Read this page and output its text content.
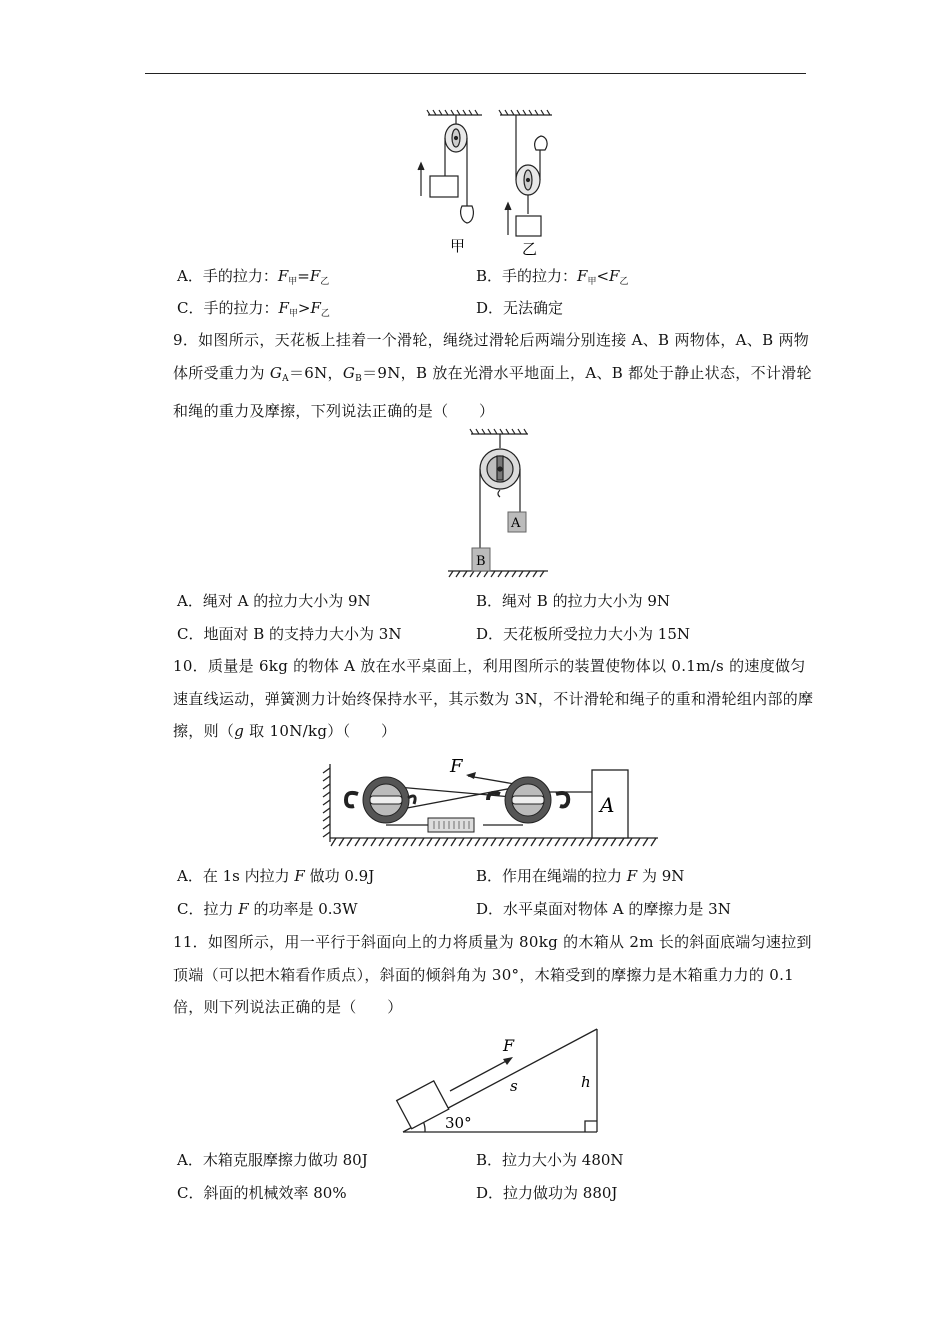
甲	乙
A．手的拉力：$F_甲=F_乙$	B．手的拉力：$F_甲<F_乙$
C．手的拉力：$F_甲>F_乙$	D．无法确定
9．如图所示，天花板上挂着一个滑轮，绳绕过滑轮后两端分别连接 A、B 两物体，A、B 两物体所受重力为 $G_A=6N$，$G_B=9N$，B 放在光滑水平地面上，A、B 都处于静止状态，不计滑轮和绳的重力及摩擦，下列说法正确的是（　　）
A
B
A．绳对 A 的拉力大小为 9N	B．绳对 B 的拉力大小为 9N
C．地面对 B 的支持力大小为 3N	D．天花板所受拉力大小为 15N
10．质量是 6kg 的物体 A 放在水平桌面上，利用图所示的装置使物体以 0.1m/s 的速度做匀速直线运动，弹簧测力计始终保持水平，其示数为 3N，不计滑轮和绳子的重和滑轮组内部的摩擦，则（g 取 10N/kg）（　　）
A
F
A．在 1s 内拉力 F 做功 0.9J	B．作用在绳端的拉力 F 为 9N
C．拉力 F 的功率是 0.3W	D．水平桌面对物体 A 的摩擦力是 3N
11．如图所示，用一平行于斜面向上的力将质量为 80kg 的木箱从 2m 长的斜面底端匀速拉到顶端（可以把木箱看作质点），斜面的倾斜角为 30°，木箱受到的摩擦力是木箱重力力的 0.1 倍，则下列说法正确的是（　　）
F
s	h
30°
A．木箱克服摩擦力做功 80J	B．拉力大小为 480N
C．斜面的机械效率 80%	D．拉力做功为 880J
